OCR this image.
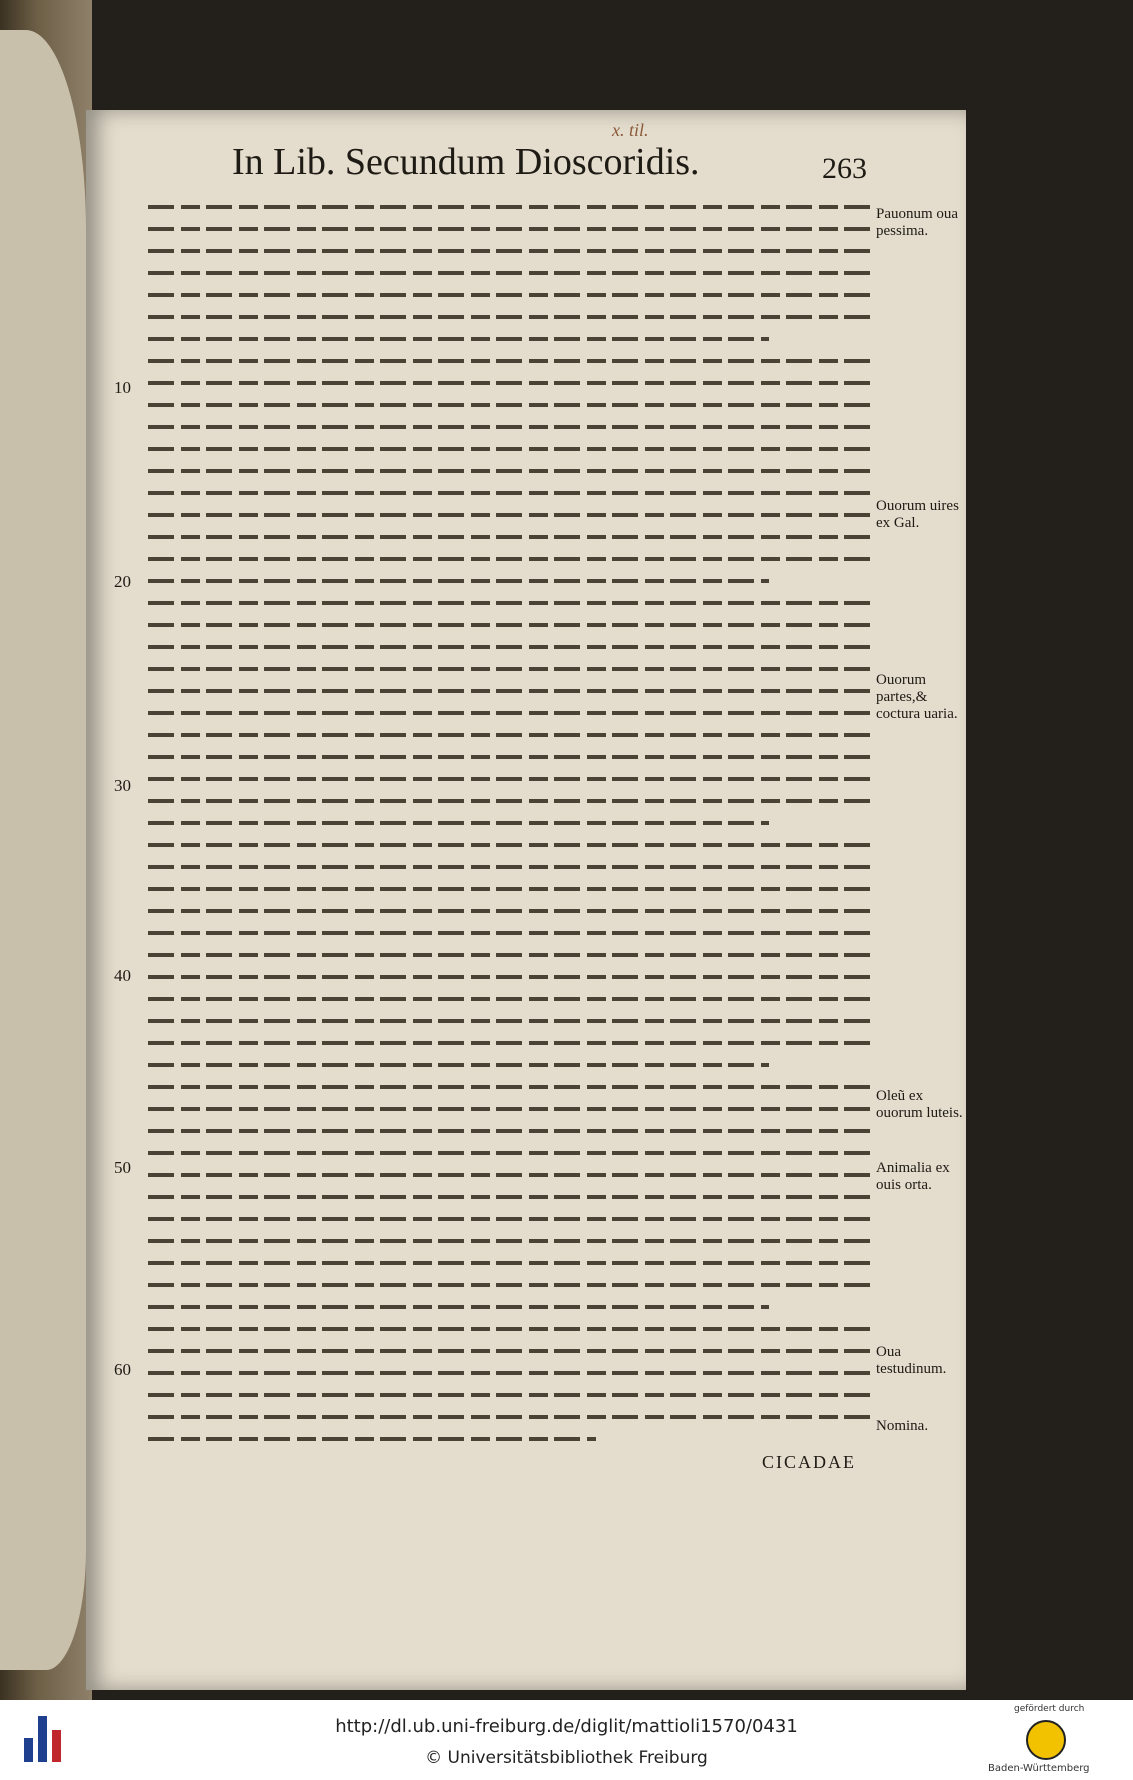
In Lib. Secundum Dioscoridis.
x. til.
263
10
20
30
40
50
60
Pauonum oua pessima.
Ouorum uires ex Gal.
Ouorum partes,& coctura uaria.
Oleũ ex ouorum luteis.
Animalia ex ouis orta.
Oua testudinum.
Nomina.
CICADAE
http://dl.ub.uni-freiburg.de/diglit/mattioli1570/0431
© Universitätsbibliothek Freiburg
gefördert durch
Baden-Württemberg
